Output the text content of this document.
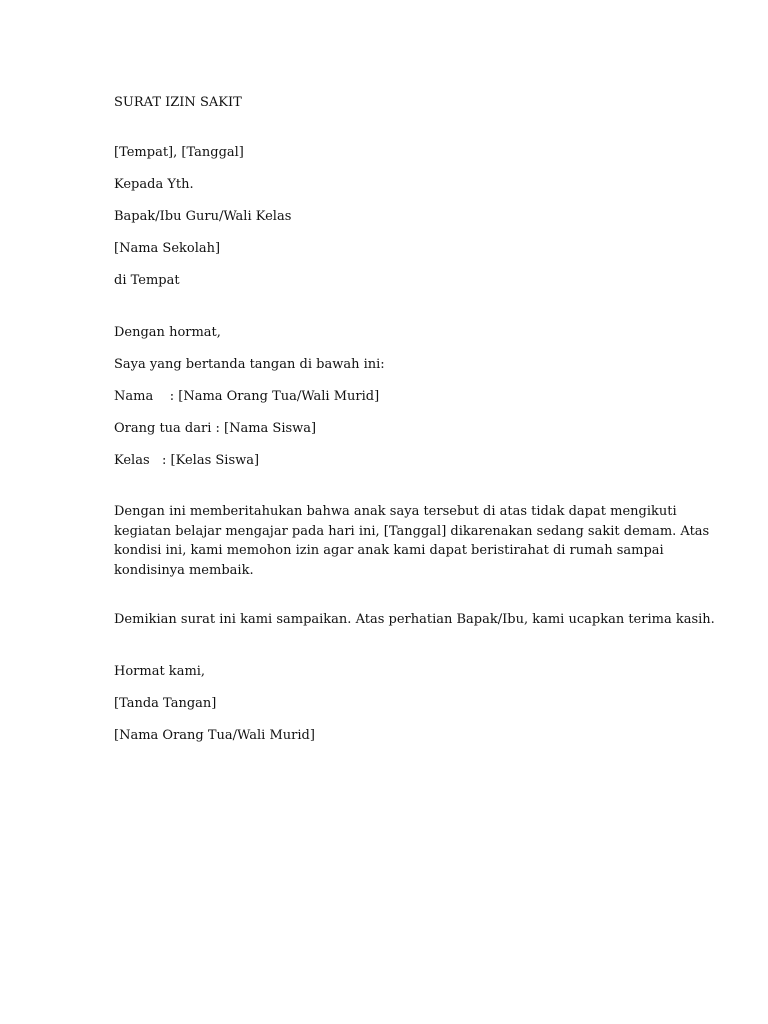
SURAT IZIN SAKIT
[Tempat], [Tanggal]
Kepada Yth.
Bapak/Ibu Guru/Wali Kelas
[Nama Sekolah]
di Tempat
Dengan hormat,
Saya yang bertanda tangan di bawah ini:
Nama    : [Nama Orang Tua/Wali Murid]
Orang tua dari : [Nama Siswa]
Kelas   : [Kelas Siswa]
Dengan ini memberitahukan bahwa anak saya tersebut di atas tidak dapat mengikuti
kegiatan belajar mengajar pada hari ini, [Tanggal] dikarenakan sedang sakit demam. Atas
kondisi ini, kami memohon izin agar anak kami dapat beristirahat di rumah sampai
kondisinya membaik.
Demikian surat ini kami sampaikan. Atas perhatian Bapak/Ibu, kami ucapkan terima kasih.
Hormat kami,
[Tanda Tangan]
[Nama Orang Tua/Wali Murid]
